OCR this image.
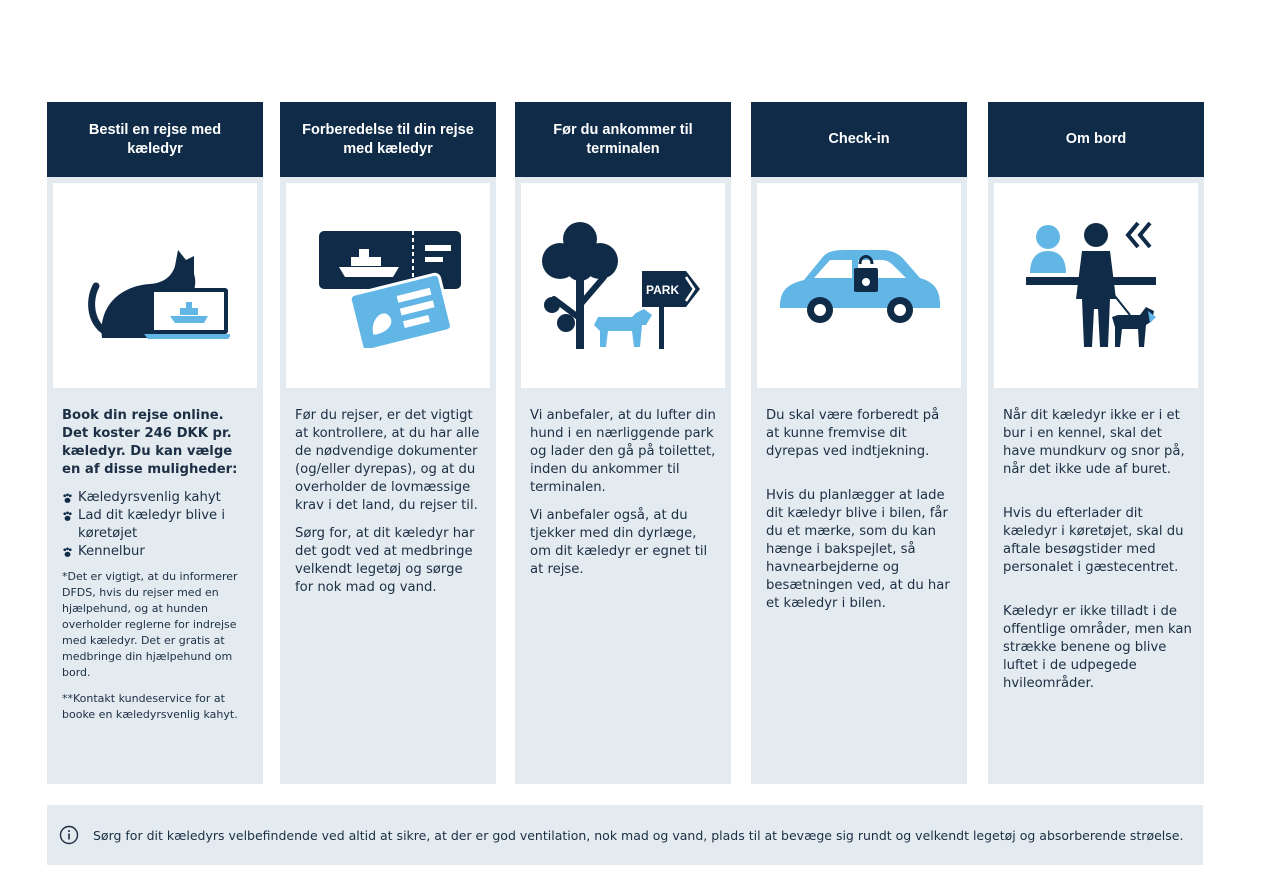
Bestil en rejse med kæledyr

Book din rejse online. Det koster 246 DKK pr. kæledyr. Du kan vælge en af disse muligheder:

Kæledyrsvenlig kahyt
Lad dit kæledyr blive i køretøjet
Kennelbur

*Det er vigtigt, at du informerer DFDS, hvis du rejser med en hjælpehund, og at hunden overholder reglerne for indrejse med kæledyr. Det er gratis at medbringe din hjælpehund om bord.

**Kontakt kundeservice for at booke en kæledyrsvenlig kahyt.

Forberedelse til din rejse med kæledyr

Før du rejser, er det vigtigt at kontrollere, at du har alle de nødvendige dokumenter (og/eller dyrepas), og at du overholder de lovmæssige krav i det land, du rejser til.

Sørg for, at dit kæledyr har det godt ved at medbringe velkendt legetøj og sørge for nok mad og vand.

Før du ankommer til terminalen
PARK

Vi anbefaler, at du lufter din hund i en nærliggende park og lader den gå på toilettet, inden du ankommer til terminalen.

Vi anbefaler også, at du tjekker med din dyrlæge, om dit kæledyr er egnet til at rejse.

Check-in

Du skal være forberedt på at kunne fremvise dit dyrepas ved indtjekning.

Hvis du planlægger at lade dit kæledyr blive i bilen, får du et mærke, som du kan hænge i bakspejlet, så havnearbejderne og besætningen ved, at du har et kæledyr i bilen.

Om bord

Når dit kæledyr ikke er i et bur i en kennel, skal det have mundkurv og snor på, når det ikke ude af buret.

Hvis du efterlader dit kæledyr i køretøjet, skal du aftale besøgstider med personalet i gæstecentret.

Kæledyr er ikke tilladt i de offentlige områder, men kan strække benene og blive luftet i de udpegede hvileområder.

Sørg for dit kæledyrs velbefindende ved altid at sikre, at der er god ventilation, nok mad og vand, plads til at bevæge sig rundt og velkendt legetøj og absorberende strøelse.
